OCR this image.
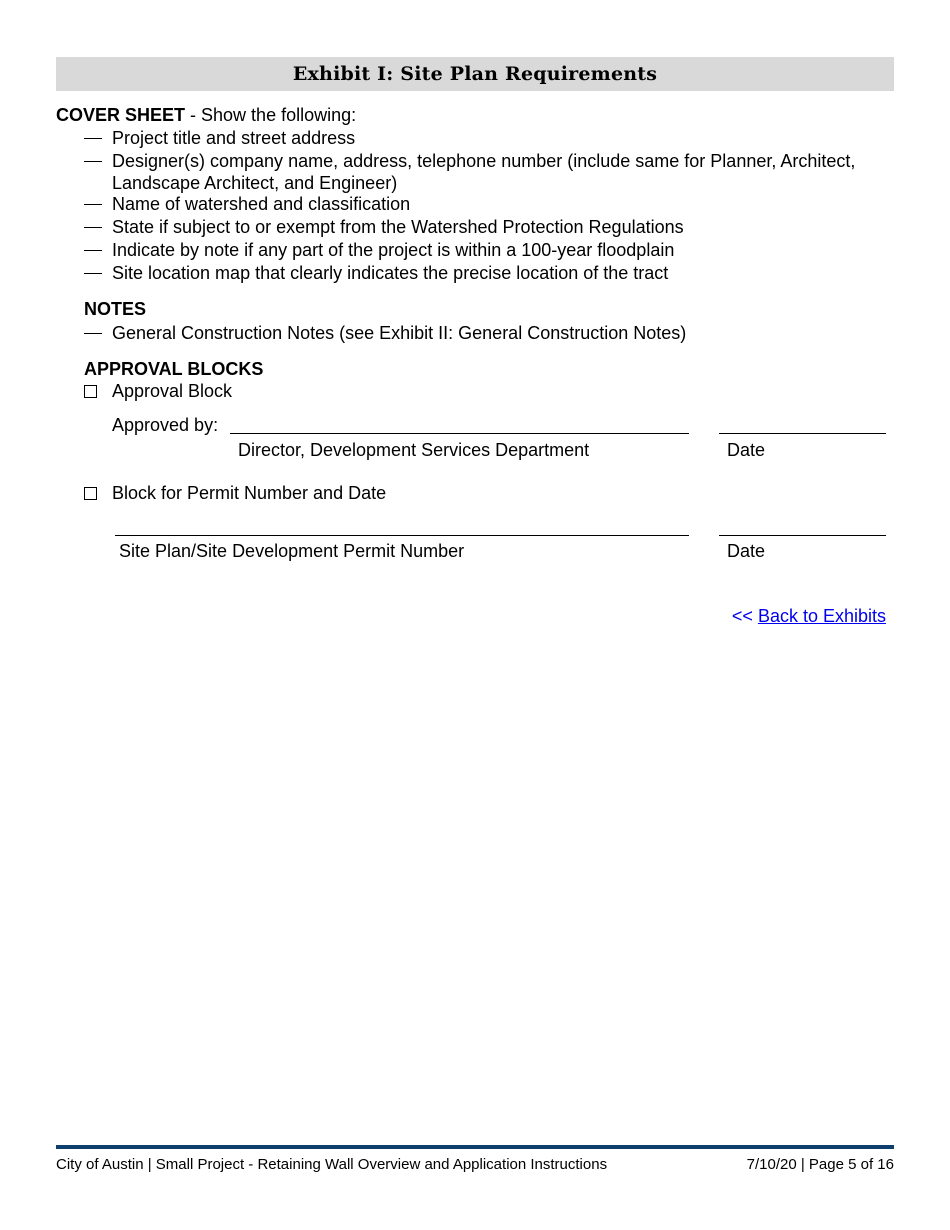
Exhibit I: Site Plan Requirements
COVER SHEET - Show the following:
Project title and street address
Designer(s) company name, address, telephone number (include same for Planner, Architect,
Landscape Architect, and Engineer)
Name of watershed and classification
State if subject to or exempt from the Watershed Protection Regulations
Indicate by note if any part of the project is within a 100-year floodplain
Site location map that clearly indicates the precise location of the tract
NOTES
General Construction Notes (see Exhibit II: General Construction Notes)
APPROVAL BLOCKS
Approval Block
Approved by:
Director, Development Services Department	Date
Block for Permit Number and Date
Site Plan/Site Development Permit Number	Date
<< Back to Exhibits
City of Austin | Small Project - Retaining Wall Overview and Application Instructions	7/10/20 | Page 5 of 16
